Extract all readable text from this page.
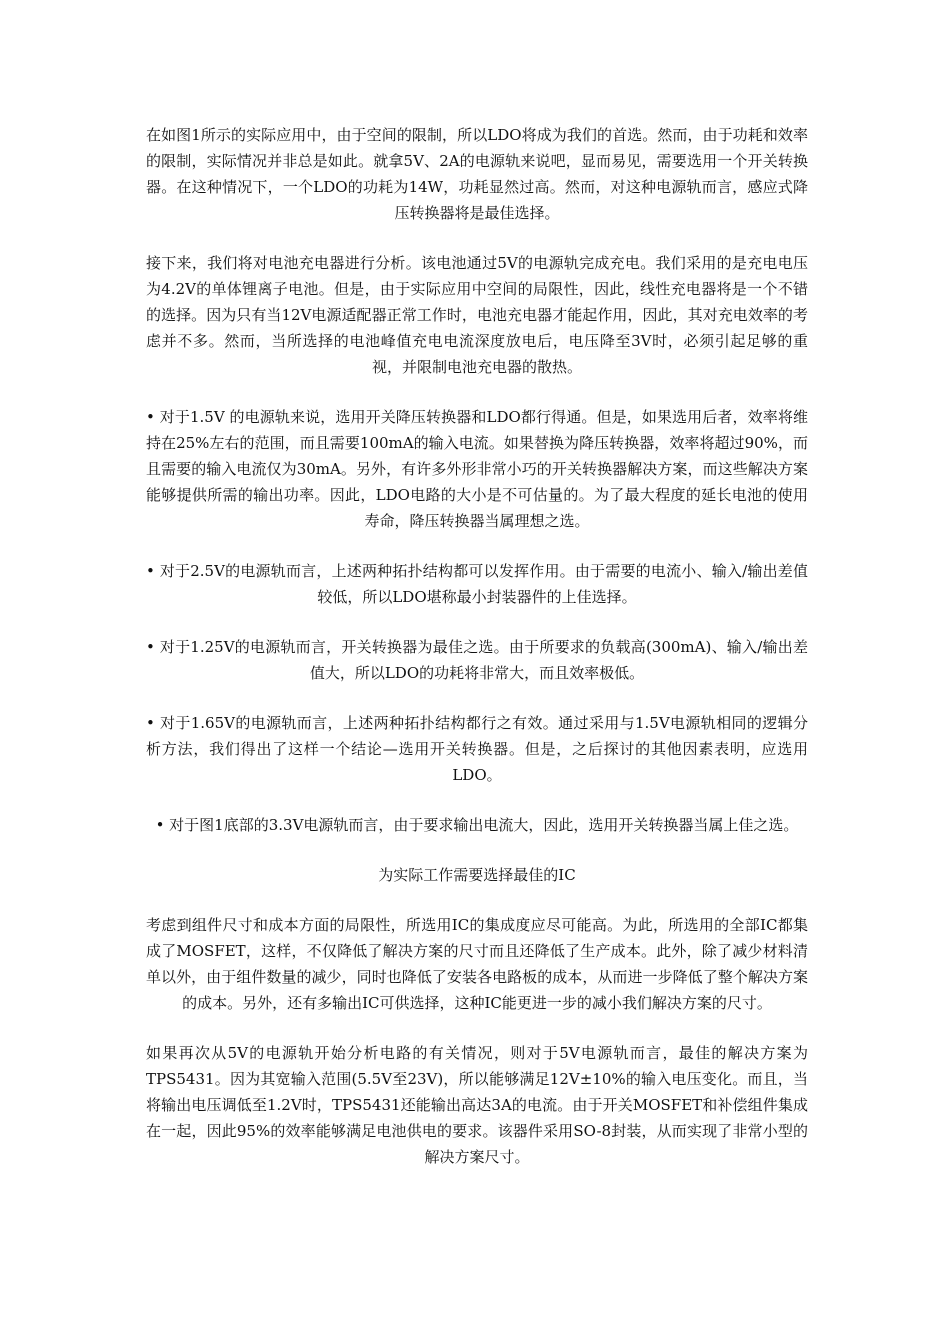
在如图1所示的实际应用中，由于空间的限制，所以LDO将成为我们的首选。然而，由于功耗和效率的限制，实际情况并非总是如此。就拿5V、2A的电源轨来说吧，显而易见，需要选用一个开关转换器。在这种情况下，一个LDO的功耗为14W，功耗显然过高。然而，对这种电源轨而言，感应式降压转换器将是最佳选择。

接下来，我们将对电池充电器进行分析。该电池通过5V的电源轨完成充电。我们采用的是充电电压为4.2V的单体锂离子电池。但是，由于实际应用中空间的局限性，因此，线性充电器将是一个不错的选择。因为只有当12V电源适配器正常工作时，电池充电器才能起作用，因此，其对充电效率的考虑并不多。然而，当所选择的电池峰值充电电流深度放电后，电压降至3V时，必须引起足够的重视，并限制电池充电器的散热。

• 对于1.5V 的电源轨来说，选用开关降压转换器和LDO都行得通。但是，如果选用后者，效率将维持在25%左右的范围，而且需要100mA的输入电流。如果替换为降压转换器，效率将超过90%，而且需要的输入电流仅为30mA。另外，有许多外形非常小巧的开关转换器解决方案，而这些解决方案能够提供所需的输出功率。因此，LDO电路的大小是不可估量的。为了最大程度的延长电池的使用寿命，降压转换器当属理想之选。

• 对于2.5V的电源轨而言，上述两种拓扑结构都可以发挥作用。由于需要的电流小、输入/输出差值较低，所以LDO堪称最小封装器件的上佳选择。

• 对于1.25V的电源轨而言，开关转换器为最佳之选。由于所要求的负载高(300mA)、输入/输出差值大，所以LDO的功耗将非常大，而且效率极低。

• 对于1.65V的电源轨而言，上述两种拓扑结构都行之有效。通过采用与1.5V电源轨相同的逻辑分析方法，我们得出了这样一个结论—选用开关转换器。但是，之后探讨的其他因素表明，应选用LDO。

• 对于图1底部的3.3V电源轨而言，由于要求输出电流大，因此，选用开关转换器当属上佳之选。

为实际工作需要选择最佳的IC

考虑到组件尺寸和成本方面的局限性，所选用IC的集成度应尽可能高。为此，所选用的全部IC都集成了MOSFET，这样，不仅降低了解决方案的尺寸而且还降低了生产成本。此外，除了减少材料清单以外，由于组件数量的减少，同时也降低了安装各电路板的成本，从而进一步降低了整个解决方案的成本。另外，还有多输出IC可供选择，这种IC能更进一步的减小我们解决方案的尺寸。

如果再次从5V的电源轨开始分析电路的有关情况，则对于5V电源轨而言，最佳的解决方案为TPS5431。因为其宽输入范围(5.5V至23V)，所以能够满足12V±10%的输入电压变化。而且，当将输出电压调低至1.2V时，TPS5431还能输出高达3A的电流。由于开关MOSFET和补偿组件集成在一起，因此95%的效率能够满足电池供电的要求。该器件采用SO-8封装，从而实现了非常小型的解决方案尺寸。
